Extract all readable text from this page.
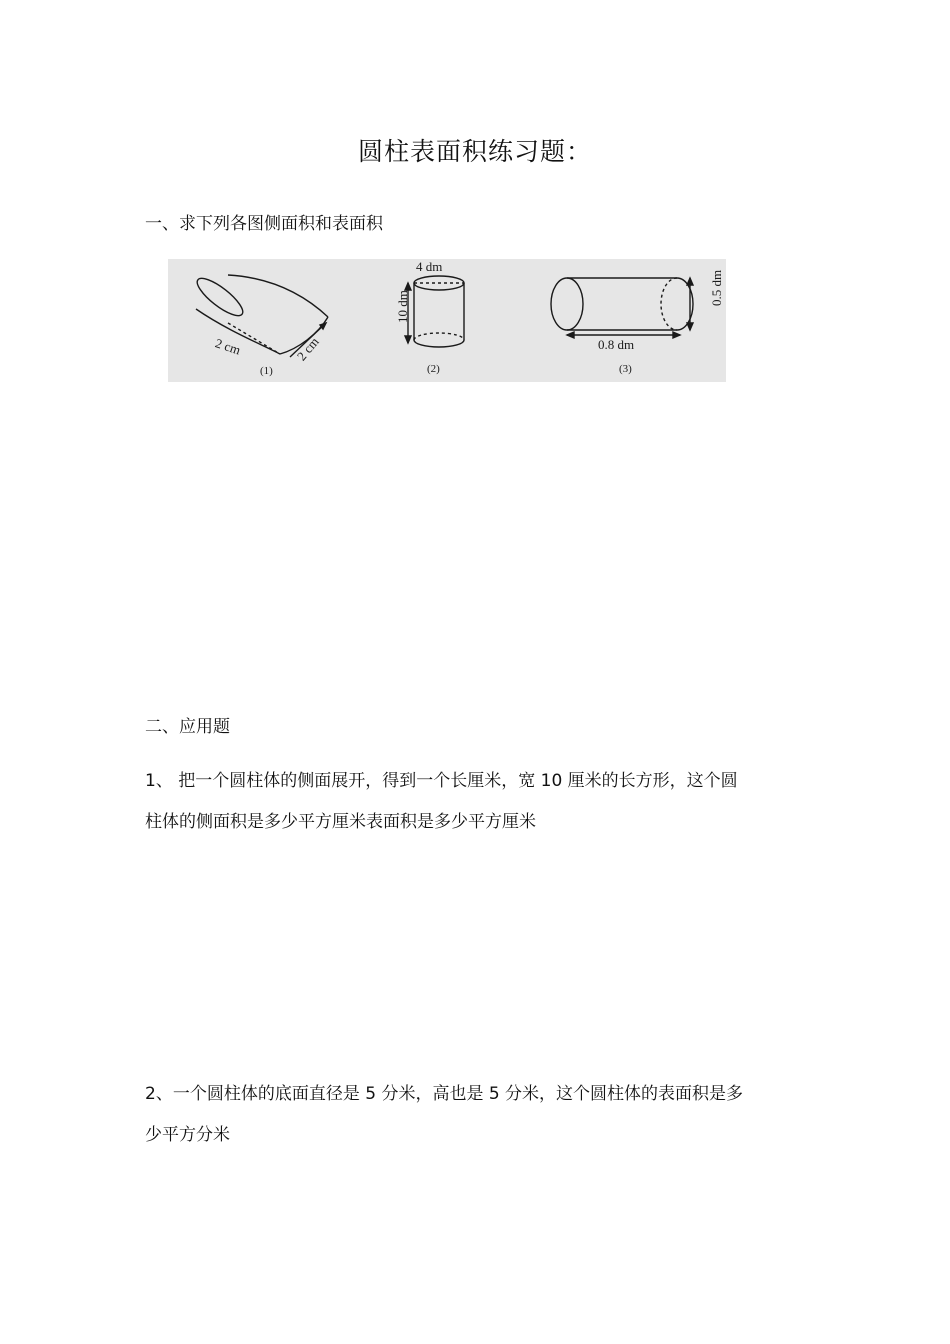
圆柱表面积练习题：
一、求下列各图侧面积和表面积
2 cm	2 cm
(1)
4 dm
10 dm
(2)
0.8 dm
0.5 dm
(3)
二、应用题
1、 把一个圆柱体的侧面展开，得到一个长厘米，宽 10 厘米的长方形，这个圆
柱体的侧面积是多少平方厘米表面积是多少平方厘米
2、一个圆柱体的底面直径是 5 分米，高也是 5 分米，这个圆柱体的表面积是多
少平方分米
